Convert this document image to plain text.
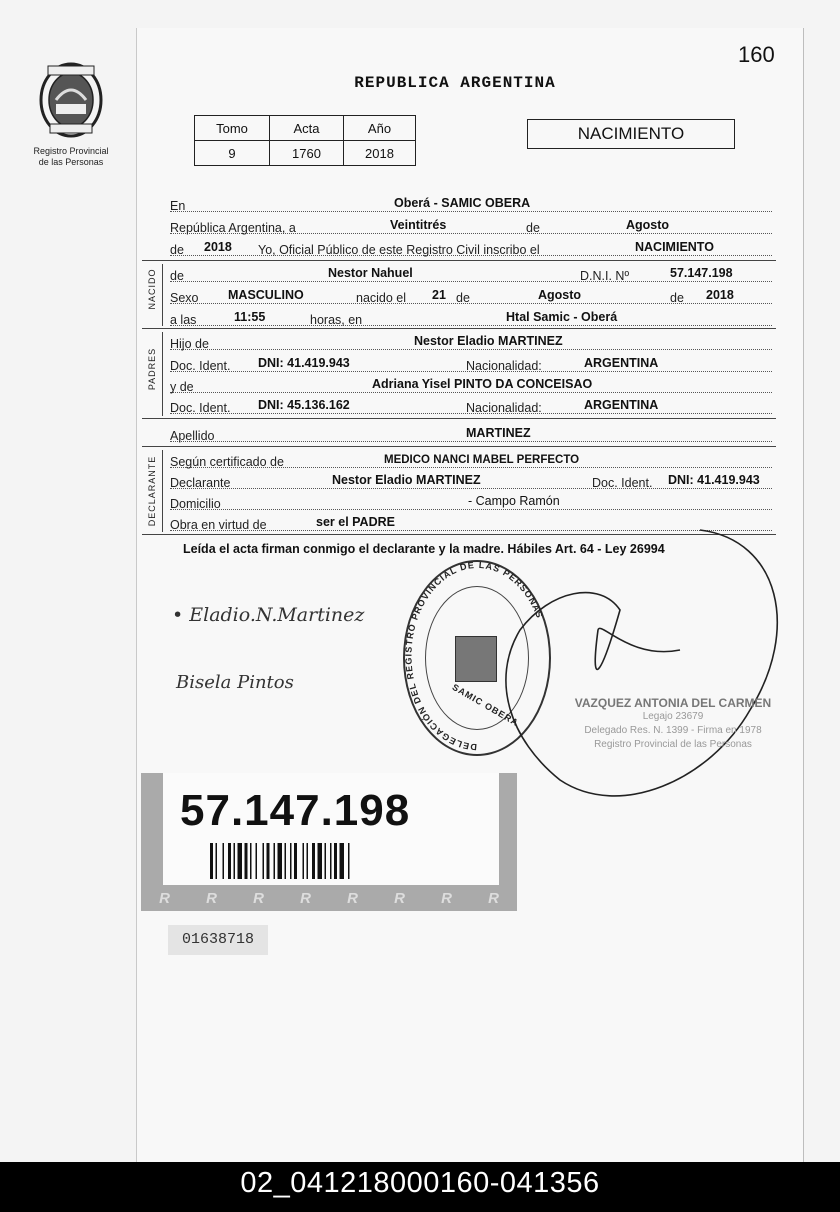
Registro Provincial
de las Personas
160
REPUBLICA ARGENTINA
Tomo	Acta	Año
9	1760	2018
NACIMIENTO
En	Oberá - SAMIC OBERA
República Argentina, a	Veintitrés	de	Agosto
de 2018 Yo, Oficial Público de este Registro Civil inscribo el	NACIMIENTO
NACIDO de	Nestor Nahuel	D.N.I. Nº	57.147.198
Sexo MASCULINO	nacido el 21 de	Agosto	de 2018
a las	11:55	horas, en	Htal Samic - Oberá
PADRES
Hijo de	Nestor Eladio MARTINEZ
Doc. Ident. DNI: 41.419.943	Nacionalidad:	ARGENTINA
y de	Adriana Yisel PINTO DA CONCEISAO
Doc. Ident. DNI: 45.136.162	Nacionalidad:	ARGENTINA
Apellido	MARTINEZ
DECLARANTE Según certificado de	MEDICO NANCI MABEL PERFECTO
Declarante	Nestor Eladio MARTINEZ	Doc. Ident. DNI: 41.419.943
Domicilio	- Campo Ramón
Obra en virtud de	ser el PADRE
Leída el acta firman conmigo el declarante y la madre. Hábiles Art. 64 - Ley 26994
• Eladio.N.Martinez
Bisela Pintos
DELEGACIÓN DEL REGISTRO PROVINCIAL DE LAS PERSONAS
SAMIC OBERA	VAZQUEZ ANTONIA DEL CARMEN
Legajo 23679
Delegado Res. N. 1399 - Firma en 1978
Registro Provincial de las Personas
57.147.198
R R R R R R R R
01638718
02_041218000160-041356
